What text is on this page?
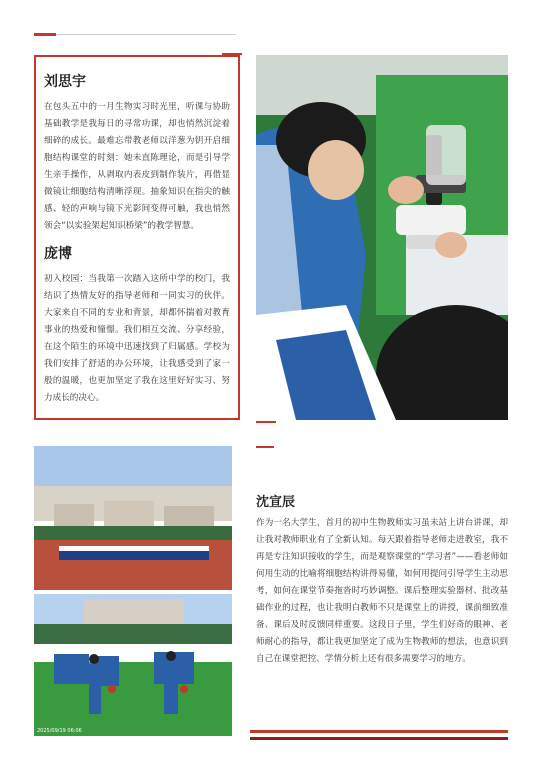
刘思宇

在包头五中的一月生物实习时光里，听课与协助基础教学是我每日的寻常功课，却也悄然沉淀着细碎的成长。最难忘带教老师以洋葱为钥开启细胞结构课堂的时刻：她未直陈理论，而是引导学生亲手操作，从剥取内表皮到制作装片，再借显微镜让细胞结构清晰浮现。抽象知识在指尖的触感、轻的声响与镜下光影间变得可触，我也悄然领会“以实验架起知识桥梁”的教学智慧。

庞博

初入校园：当我第一次踏入这所中学的校门，我结识了热情友好的指导老师和一同实习的伙伴。大家来自不同的专业和背景，却都怀揣着对教育事业的热爱和憧憬。我们相互交流、分享经验，在这个陌生的环境中迅速找到了归属感。学校为我们安排了舒适的办公环境，让我感受到了家一般的温暖，也更加坚定了我在这里好好实习、努力成长的决心。

2025/09/19 06:06
沈宣辰

作为一名大学生，首月的初中生物教师实习虽未站上讲台讲课，却让我对教师职业有了全新认知。每天跟着指导老师走进教室，我不再是专注知识接收的学生，而是观察课堂的“学习者”——看老师如何用生动的比喻将细胞结构讲得易懂，如何用提问引导学生主动思考，如何在课堂节奏拖沓时巧妙调整。课后整理实验器材、批改基础作业的过程，也让我明白教师不只是课堂上的讲授，课前细致准备、课后及时反馈同样重要。这段日子里，学生们好奇的眼神、老师耐心的指导，都让我更加坚定了成为生物教师的想法，也意识到自己在课堂把控、学情分析上还有很多需要学习的地方。
